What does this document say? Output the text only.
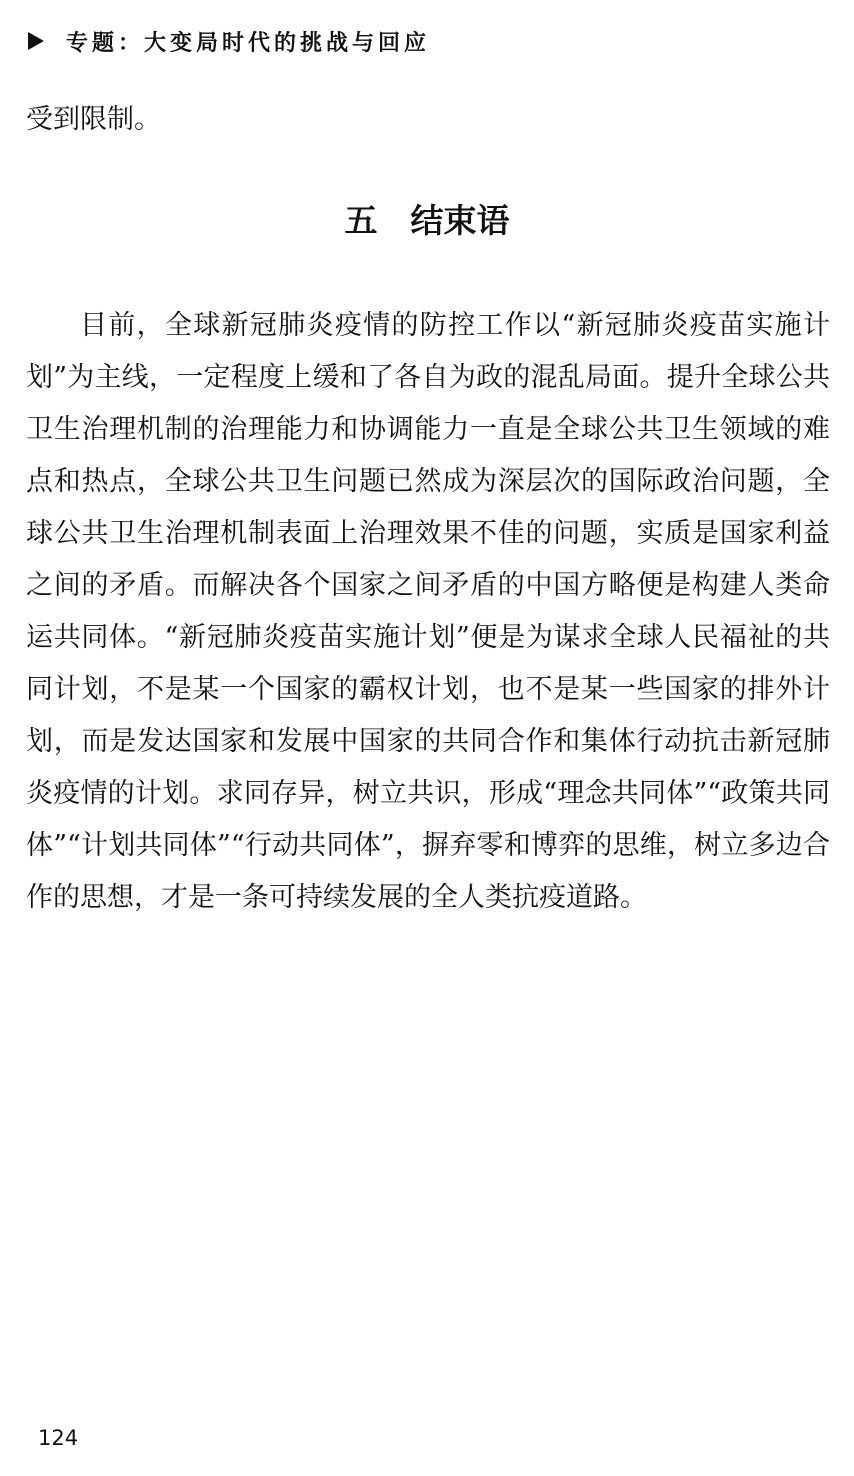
专题：大变局时代的挑战与回应

受到限制。

五　结束语

目前，全球新冠肺炎疫情的防控工作以“新冠肺炎疫苗实施计划”为主线，一定程度上缓和了各自为政的混乱局面。提升全球公共卫生治理机制的治理能力和协调能力一直是全球公共卫生领域的难点和热点，全球公共卫生问题已然成为深层次的国际政治问题，全球公共卫生治理机制表面上治理效果不佳的问题，实质是国家利益之间的矛盾。而解决各个国家之间矛盾的中国方略便是构建人类命运共同体。“新冠肺炎疫苗实施计划”便是为谋求全球人民福祉的共同计划，不是某一个国家的霸权计划，也不是某一些国家的排外计划，而是发达国家和发展中国家的共同合作和集体行动抗击新冠肺炎疫情的计划。求同存异，树立共识，形成“理念共同体”“政策共同体”“计划共同体”“行动共同体”，摒弃零和博弈的思维，树立多边合作的思想，才是一条可持续发展的全人类抗疫道路。

124
